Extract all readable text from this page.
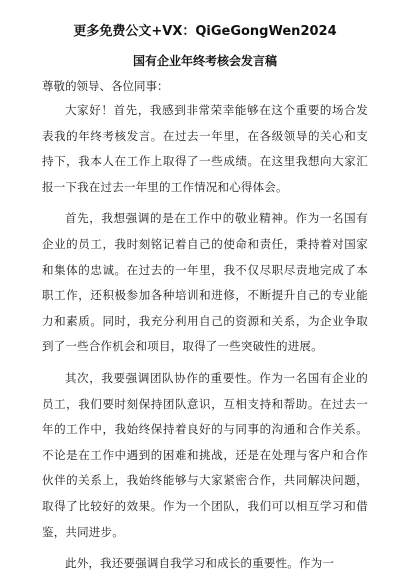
更多免费公文+VX：QiGeGongWen2024
国有企业年终考核会发言稿
尊敬的领导、各位同事：

大家好！首先，我感到非常荣幸能够在这个重要的场合发表我的年终考核发言。在过去一年里，在各级领导的关心和支持下，我本人在工作上取得了一些成绩。在这里我想向大家汇报一下我在过去一年里的工作情况和心得体会。

首先，我想强调的是在工作中的敬业精神。作为一名国有企业的员工，我时刻铭记着自己的使命和责任，秉持着对国家和集体的忠诚。在过去的一年里，我不仅尽职尽责地完成了本职工作，还积极参加各种培训和进修，不断提升自己的专业能力和素质。同时，我充分利用自己的资源和关系，为企业争取到了一些合作机会和项目，取得了一些突破性的进展。

其次，我要强调团队协作的重要性。作为一名国有企业的员工，我们要时刻保持团队意识，互相支持和帮助。在过去一年的工作中，我始终保持着良好的与同事的沟通和合作关系。不论是在工作中遇到的困难和挑战，还是在处理与客户和合作伙伴的关系上，我始终能够与大家紧密合作，共同解决问题，取得了比较好的效果。作为一个团队，我们可以相互学习和借鉴，共同进步。

此外，我还要强调自我学习和成长的重要性。作为一
